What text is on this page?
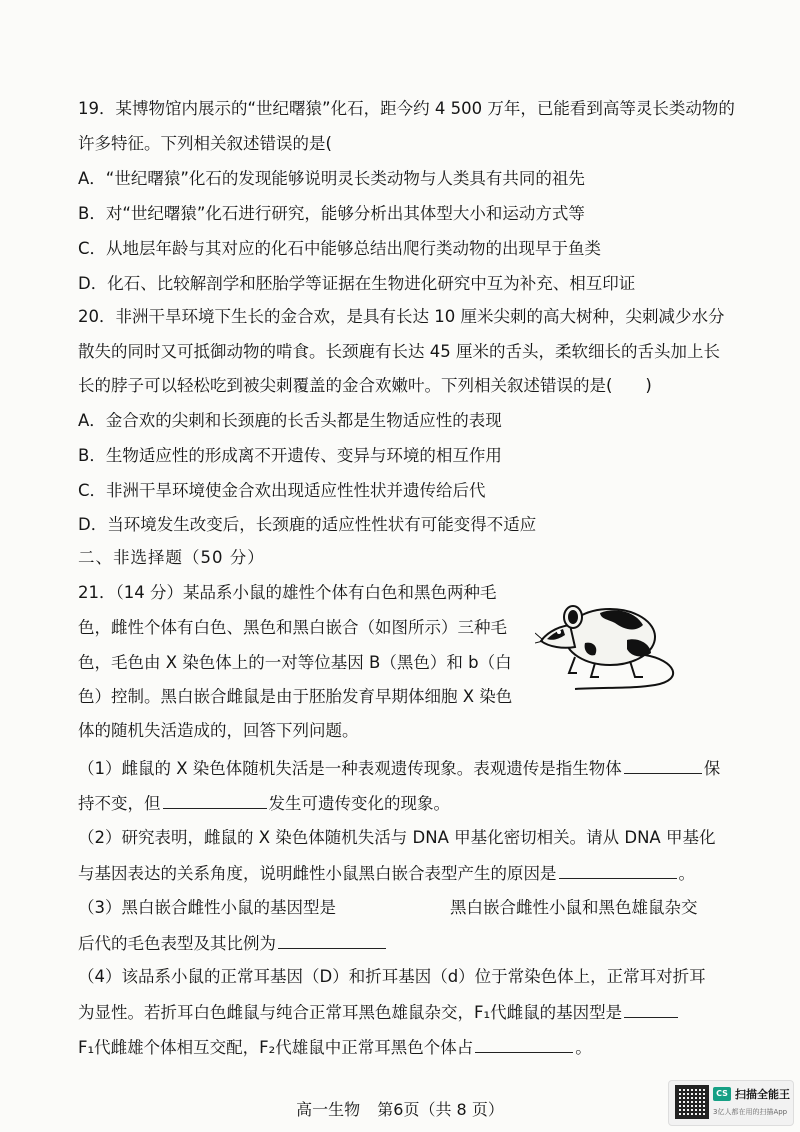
19．某博物馆内展示的“世纪曙猿”化石，距今约 4 500 万年，已能看到高等灵长类动物的
许多特征。下列相关叙述错误的是(
A．“世纪曙猿”化石的发现能够说明灵长类动物与人类具有共同的祖先
B．对“世纪曙猿”化石进行研究，能够分析出其体型大小和运动方式等
C．从地层年龄与其对应的化石中能够总结出爬行类动物的出现早于鱼类
D．化石、比较解剖学和胚胎学等证据在生物进化研究中互为补充、相互印证
20．非洲干旱环境下生长的金合欢，是具有长达 10 厘米尖刺的高大树种，尖刺减少水分
散失的同时又可抵御动物的啃食。长颈鹿有长达 45 厘米的舌头，柔软细长的舌头加上长
长的脖子可以轻松吃到被尖刺覆盖的金合欢嫩叶。下列相关叙述错误的是(　　)
A．金合欢的尖刺和长颈鹿的长舌头都是生物适应性的表现
B．生物适应性的形成离不开遗传、变异与环境的相互作用
C．非洲干旱环境使金合欢出现适应性性状并遗传给后代
D．当环境发生改变后，长颈鹿的适应性性状有可能变得不适应
二、非选择题（50 分）
21．（14 分）某品系小鼠的雄性个体有白色和黑色两种毛
色，雌性个体有白色、黑色和黑白嵌合（如图所示）三种毛
色，毛色由 X 染色体上的一对等位基因 B（黑色）和 b（白
色）控制。黑白嵌合雌鼠是由于胚胎发育早期体细胞 X 染色
体的随机失活造成的，回答下列问题。
（1）雌鼠的 X 染色体随机失活是一种表观遗传现象。表观遗传是指生物体	保
持不变，但	发生可遗传变化的现象。
（2）研究表明，雌鼠的 X 染色体随机失活与 DNA 甲基化密切相关。请从 DNA 甲基化
与基因表达的关系角度，说明雌性小鼠黑白嵌合表型产生的原因是	。
（3）黑白嵌合雌性小鼠的基因型是	黑白嵌合雌性小鼠和黑色雄鼠杂交
后代的毛色表型及其比例为
（4）该品系小鼠的正常耳基因（D）和折耳基因（d）位于常染色体上，正常耳对折耳
为显性。若折耳白色雌鼠与纯合正常耳黑色雄鼠杂交，F₁代雌鼠的基因型是
F₁代雌雄个体相互交配，F₂代雄鼠中正常耳黑色个体占	。
高一生物 第6页（共 8 页）
CS 扫描全能王
3亿人都在用的扫描App
